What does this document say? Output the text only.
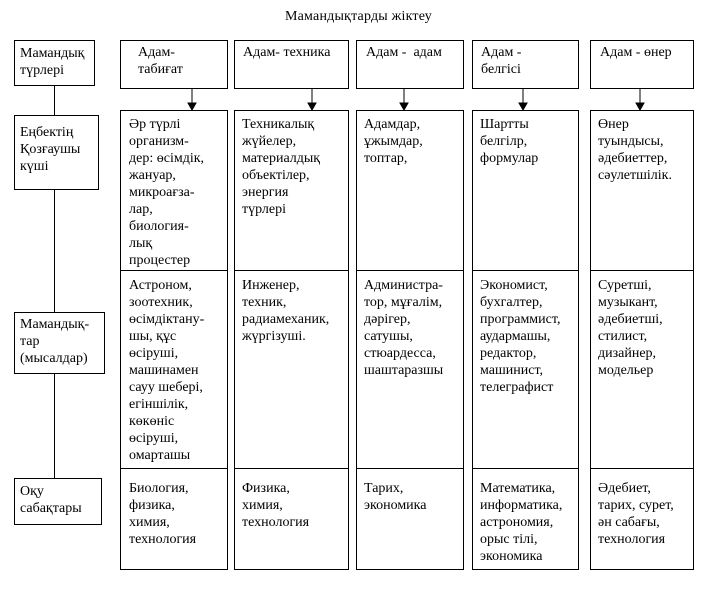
Мамандықтарды жіктеу
Мамандық
түрлері
Еңбектің
Қозғаушы
күші
Мамандық-
тар
(мысалдар)
Оқу
сабақтары
Адам-
табиғат
Адам- техника	Адам -  адам	Адам -
белгісі
Адам - өнер
Әр түрлі
организм-
дер: өсімдік,
жануар,
микроағза-
лар,
биология-
лық
процестер
Астроном,
зоотехник,
өсімдіктану-
шы, құс
өсіруші,
машинамен
сауу шебері,
егіншілік,
көкөніс
өсіруші,
омарташы
Биология,
физика,
химия,
технология
Техникалық
жүйелер,
материалдық
объектілер,
энергия
түрлері
Инженер,
техник,
радиамеханик,
жүргізуші.
Физика,
химия,
технология
Адамдар,
ұжымдар,
топтар,
Администра-
тор, мұғалім,
дәрігер,
сатушы,
стюардесса,
шаштаразшы
Тарих,
экономика
Шартты
белгілр,
формулар
Экономист,
бухгалтер,
программист,
аудармашы,
редактор,
машинист,
телеграфист
Математика,
информатика,
астрономия,
орыс тілі,
экономика
Өнер
туындысы,
әдебиеттер,
сәулетшілік.
Суретші,
музыкант,
әдебиетші,
стилист,
дизайнер,
модельер
Әдебиет,
тарих, сурет,
ән сабағы,
технология
